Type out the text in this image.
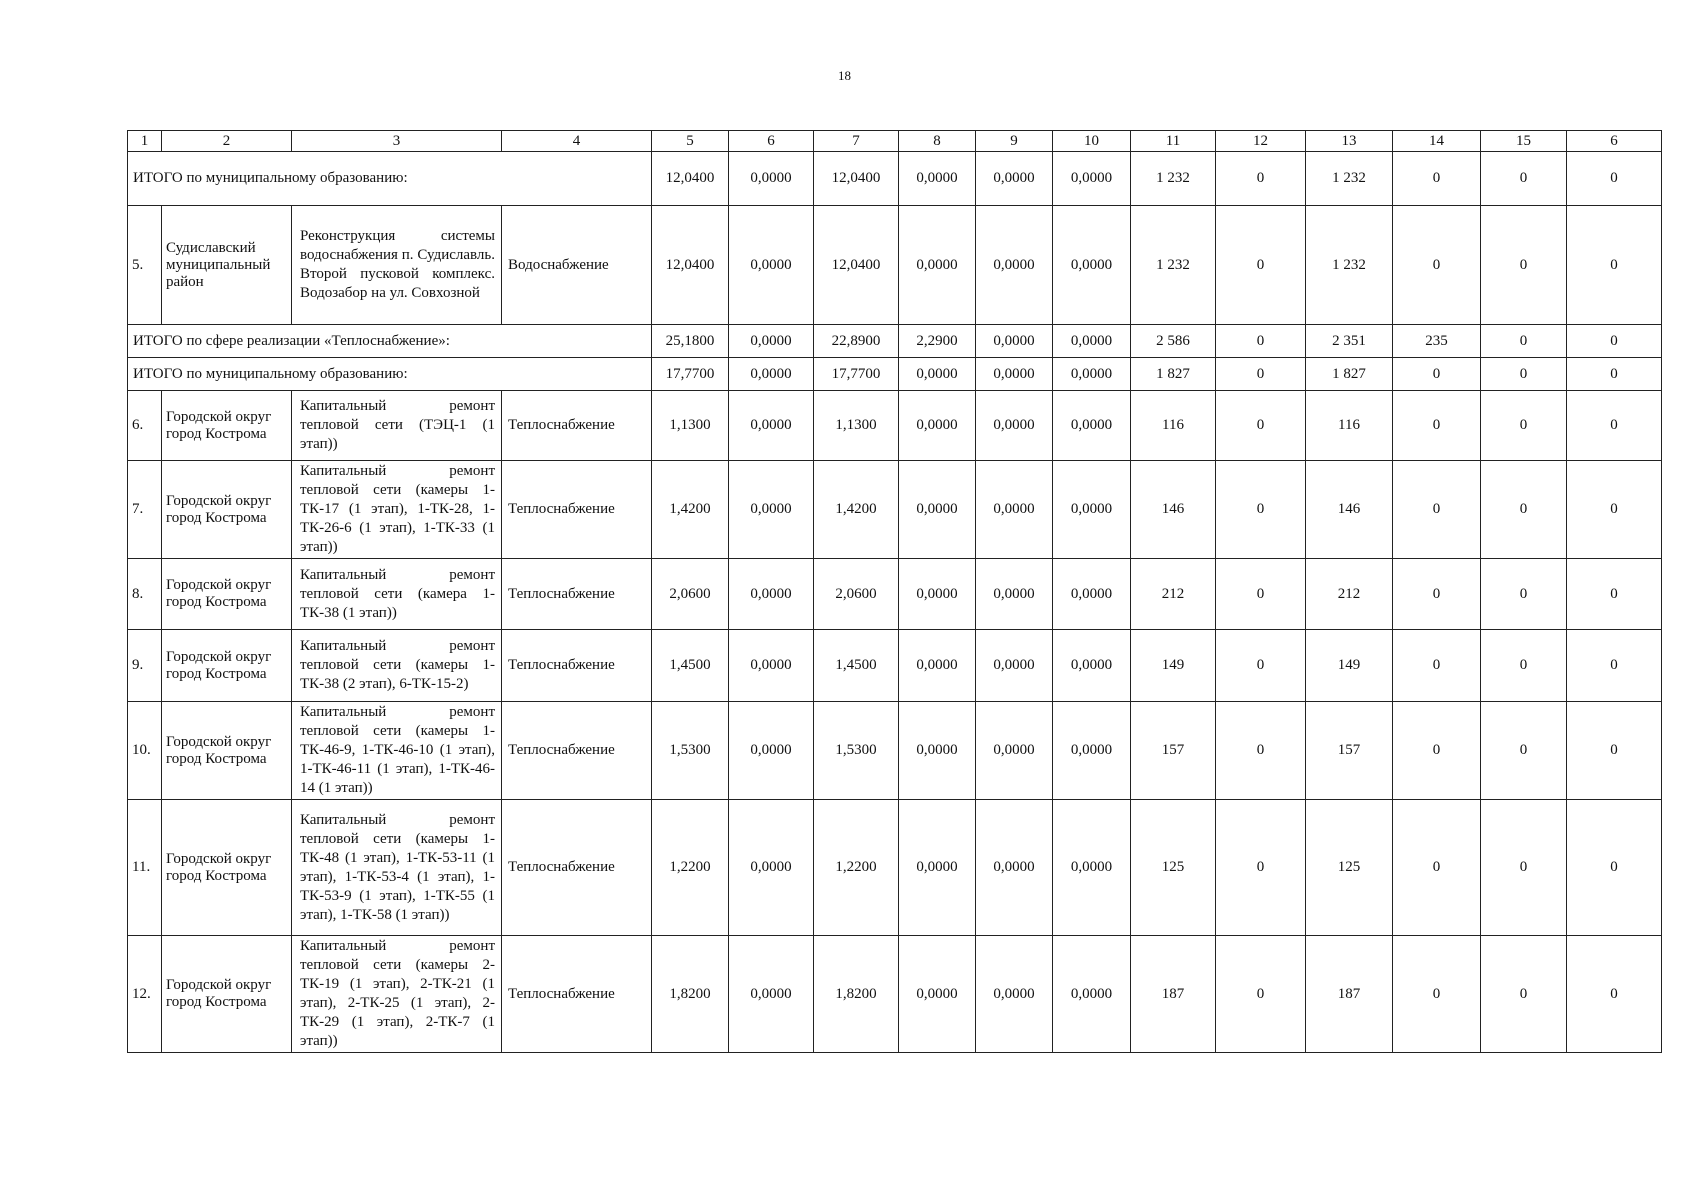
18
1	2	3	4	5	6	7	8	9	10	11	12	13	14	15	6
ИТОГО по муниципальному образованию:				12,0400	0,0000	12,0400	0,0000	0,0000	0,0000	1 232	0	1 232	0	0	0
5.	Судиславский муниципальный район	Реконструкция системы водоснабжения п. Судиславль. Второй пусковой комплекс. Водозабор на ул. Совхозной	Водоснабжение	12,0400	0,0000	12,0400	0,0000	0,0000	0,0000	1 232	0	1 232	0	0	0
ИТОГО по сфере реализации «Теплоснабжение»:				25,1800	0,0000	22,8900	2,2900	0,0000	0,0000	2 586	0	2 351	235	0	0
ИТОГО по муниципальному образованию:				17,7700	0,0000	17,7700	0,0000	0,0000	0,0000	1 827	0	1 827	0	0	0
6.	Городской округ город Кострома	Капитальный ремонт тепловой сети (ТЭЦ-1 (1 этап))	Теплоснабжение	1,1300	0,0000	1,1300	0,0000	0,0000	0,0000	116	0	116	0	0	0
7.	Городской округ город Кострома	Капитальный ремонт тепловой сети (камеры 1-ТК-17 (1 этап), 1-ТК-28, 1-ТК-26-6 (1 этап), 1-ТК-33 (1 этап))	Теплоснабжение	1,4200	0,0000	1,4200	0,0000	0,0000	0,0000	146	0	146	0	0	0
8.	Городской округ город Кострома	Капитальный ремонт тепловой сети (камера 1-ТК-38 (1 этап))	Теплоснабжение	2,0600	0,0000	2,0600	0,0000	0,0000	0,0000	212	0	212	0	0	0
9.	Городской округ город Кострома	Капитальный ремонт тепловой сети (камеры 1-ТК-38 (2 этап), 6-ТК-15-2)	Теплоснабжение	1,4500	0,0000	1,4500	0,0000	0,0000	0,0000	149	0	149	0	0	0
10.	Городской округ город Кострома	Капитальный ремонт тепловой сети (камеры 1-ТК-46-9, 1-ТК-46-10 (1 этап), 1-ТК-46-11 (1 этап), 1-ТК-46-14 (1 этап))	Теплоснабжение	1,5300	0,0000	1,5300	0,0000	0,0000	0,0000	157	0	157	0	0	0
11.	Городской округ город Кострома	Капитальный ремонт тепловой сети (камеры 1-ТК-48 (1 этап), 1-ТК-53-11 (1 этап), 1-ТК-53-4 (1 этап), 1-ТК-53-9 (1 этап), 1-ТК-55 (1 этап), 1-ТК-58 (1 этап))	Теплоснабжение	1,2200	0,0000	1,2200	0,0000	0,0000	0,0000	125	0	125	0	0	0
12.	Городской округ город Кострома	Капитальный ремонт тепловой сети (камеры 2-ТК-19 (1 этап), 2-ТК-21 (1 этап), 2-ТК-25 (1 этап), 2-ТК-29 (1 этап), 2-ТК-7 (1 этап))	Теплоснабжение	1,8200	0,0000	1,8200	0,0000	0,0000	0,0000	187	0	187	0	0	0
